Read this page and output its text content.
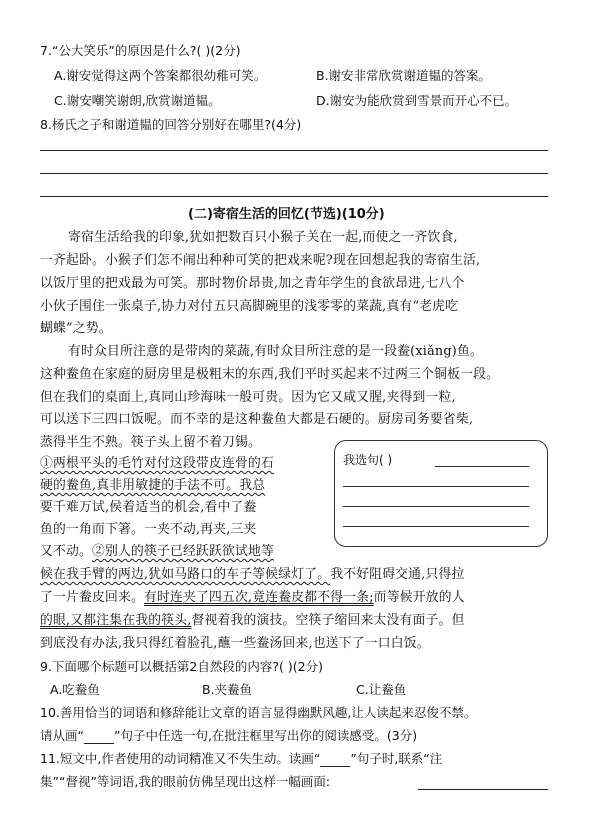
7.“公大笑乐”的原因是什么?( )(2分)
A.谢安觉得这两个答案都很幼稚可笑。	B.谢安非常欣赏谢道韫的答案。
C.谢安嘲笑谢朗,欣赏谢道韫。	D.谢安为能欣赏到雪景而开心不已。
8.杨氏之子和谢道韫的回答分别好在哪里?(4分)
(二)寄宿生活的回忆(节选)(10分)
寄宿生活给我的印象,犹如把数百只小猴子关在一起,而使之一齐饮食,
一齐起卧。小猴子们怎不闹出种种可笑的把戏来呢?现在回想起我的寄宿生活,
以饭厅里的把戏最为可笑。那时物价昂贵,加之青年学生的食欲昂进,七八个
小伙子围住一张桌子,协力对付五只高脚碗里的浅零零的菜蔬,真有“老虎吃
蝴蝶”之势。
有时众目所注意的是带肉的菜蔬,有时众目所注意的是一段鲞(xiǎng)鱼。
这种鲞鱼在家庭的厨房里是极粗末的东西,我们平时买起来不过两三个铜板一段。
但在我们的桌面上,真同山珍海味一般可贵。因为它又咸又腥,夹得到一粒,
可以送下三四口饭呢。而不幸的是这种鲞鱼大都是石硬的。厨房司务要省柴,
蒸得半生不熟。筷子头上留不着刀锡。
①两根平头的毛竹对付这段带皮连骨的石
硬的鲞鱼,真非用敏捷的手法不可。我总
要千难万试,侯着适当的机会,看中了鲞
鱼的一角而下箸。一夹不动,再夹,三夹
又不动。②别人的筷子已经跃跃欲试地等
候在我手臂的两边,犹如马路口的车子等候绿灯了。我不好阻碍交通,只得拉
了一片鲞皮回来。有时连夹了四五次,竟连鲞皮都不得一条;而等候开放的人
的眼,又都注集在我的筷头,督视着我的演技。空筷子缩回来太没有面子。但
到底没有办法,我只得红着脸孔,蘸一些鲞汤回来,也送下了一口白饭。
我选句( )
9.下面哪个标题可以概括第2自然段的内容?( )(2分)
A.吃鲞鱼	B.夹鲞鱼	C.让鲞鱼
10.善用恰当的词语和修辞能让文章的语言显得幽默风趣,让人读起来忍俊不禁。
请从画“ ”句子中任选一句,在批注框里写出你的阅读感受。(3分)
11.短文中,作者使用的动词精准又不失生动。读画“ ”句子时,联系“注
集”“督视”等词语,我的眼前仿佛呈现出这样一幅画面:
